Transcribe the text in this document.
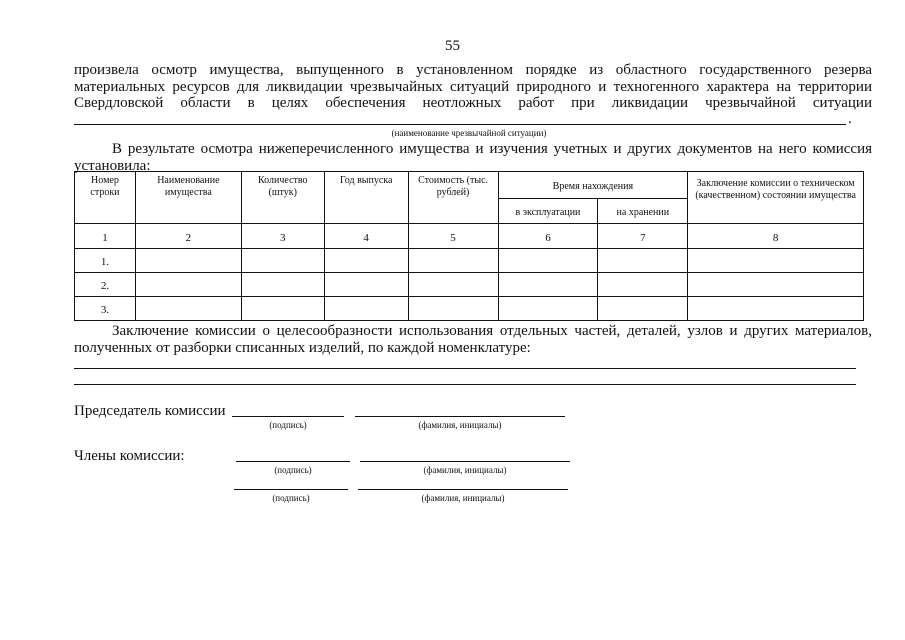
55

произвела осмотр имущества, выпущенного в установленном порядке из областного государственного резерва материальных ресурсов для ликвидации чрезвычайных ситуаций природного и техногенного характера на территории Свердловской области в целях обеспечения неотложных работ при ликвидации чрезвычайной ситуации

.
(наименование чрезвычайной ситуации)

В результате осмотра нижеперечисленного имущества и изучения учетных и других документов на него комиссия установила:

Номер строки	Наименование имущества	Количество (штук)	Год выпуска	Стоимость (тыс. рублей)	Время нахождения		Заключение комиссии о техническом (качественном) состоянии имущества
					в эксплуатации	на хранении	
1	2	3	4	5	6	7	8
1.							
2.							
3.							

Заключение комиссии о целесообразности использования отдельных частей, деталей, узлов и других материалов, полученных от разборки списанных изделий, по каждой номенклатуре:

Председатель комиссии
(подпись)	(фамилия, инициалы)
Члены комиссии:
(подпись)	(фамилия, инициалы)
(подпись)	(фамилия, инициалы)
